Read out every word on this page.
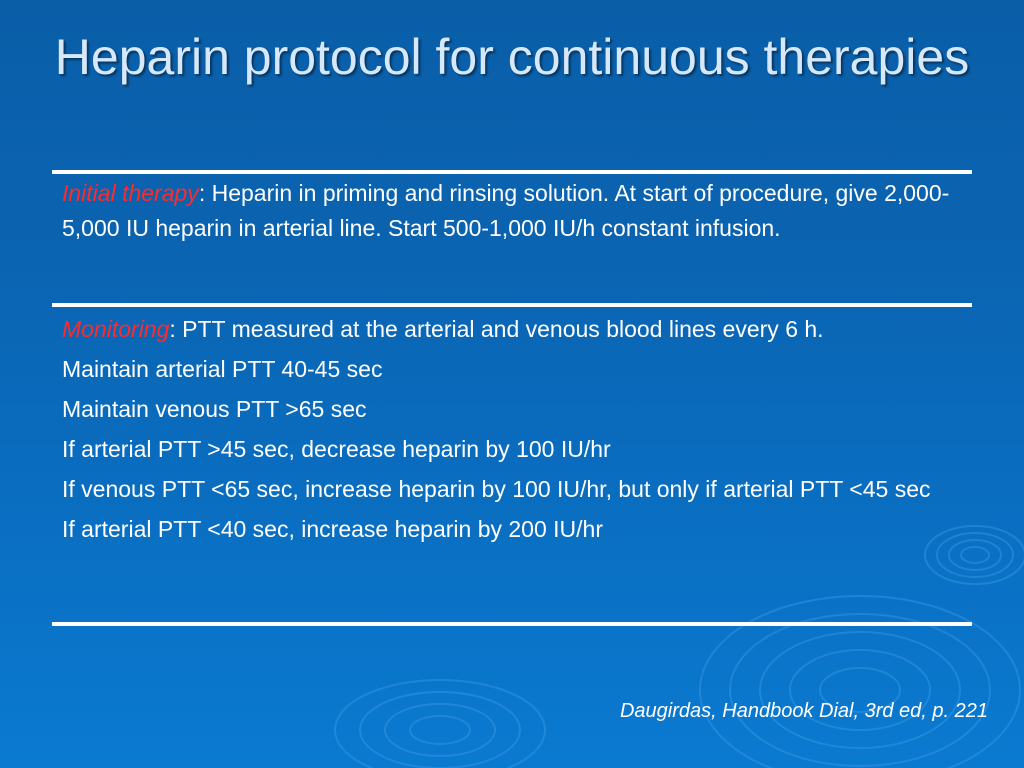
Heparin protocol for continuous therapies

Initial therapy: Heparin in priming and rinsing solution. At start of procedure, give 2,000-5,000 IU heparin in arterial line. Start 500-1,000 IU/h constant infusion.

Monitoring: PTT measured at the arterial and venous blood lines every 6 h.

Maintain arterial PTT 40-45 sec

Maintain venous PTT >65 sec

If arterial PTT >45 sec, decrease heparin by 100 IU/hr

If venous PTT <65 sec, increase heparin by 100 IU/hr, but only if arterial PTT <45 sec

If arterial PTT <40 sec, increase heparin by 200 IU/hr

Daugirdas, Handbook Dial, 3rd ed, p. 221
